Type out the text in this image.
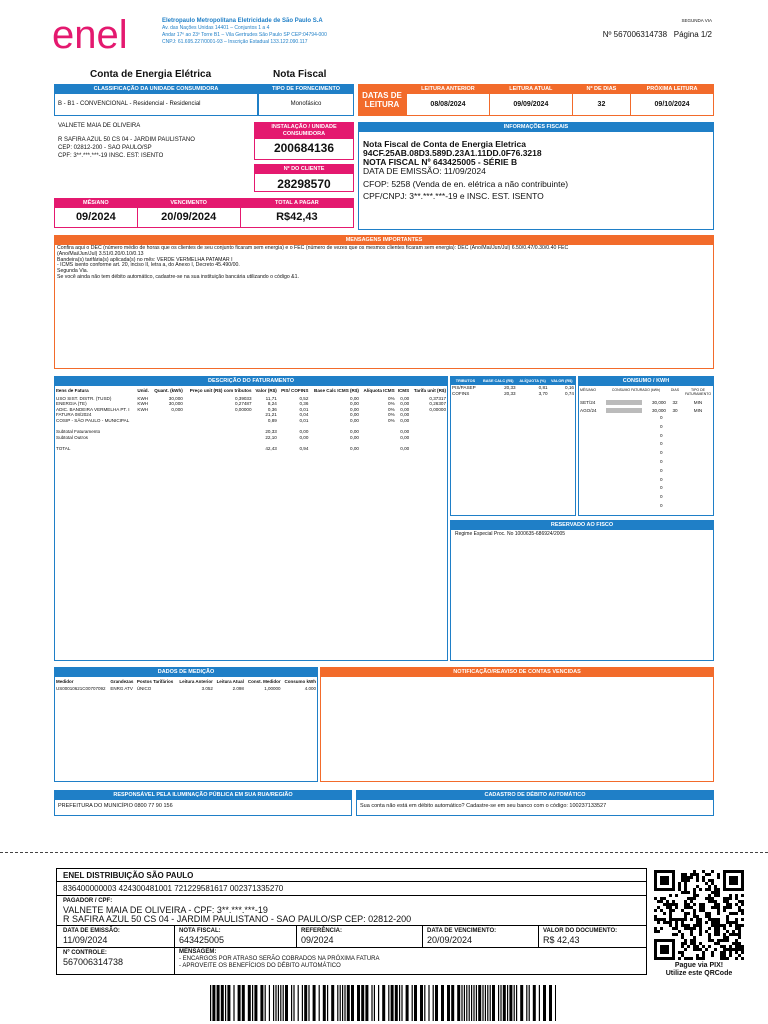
enel	Eletropaulo Metropolitana Eletricidade de São Paulo S.A
Av. das Nações Unidas 14401 – Conjuntos 1 a 4
Andar 17º ao 23º Torre B1 – Vila Gertrudes São Paulo SP CEP:04794-000
CNPJ: 61.695.227/0001-93 – Inscrição Estadual 133.122.090.117
SEGUNDA VIA
Nº 567006314738 Página 1/2
Conta de Energia Elétrica	Nota Fiscal
CLASSIFICAÇÃO DA UNIDADE CONSUMIDORA
B - B1 - CONVENCIONAL - Residencial - Residencial
TIPO DE FORNECIMENTO
Monofásico
DATAS DE LEITURA
LEITURA ANTERIOR
08/08/2024
LEITURA ATUAL
09/09/2024
Nº DE DIAS
32
PRÓXIMA LEITURA
09/10/2024
VALNETE MAIA DE OLIVEIRA
R SAFIRA AZUL 50 CS 04 - JARDIM PAULISTANO
CEP: 02812-200 - SAO PAULO/SP
CPF: 3**.***.***-19 INSC. EST: ISENTO
INSTALAÇÃO / UNIDADE CONSUMIDORA
200684136
Nº DO CLIENTE
28298570
INFORMAÇÕES FISCAIS
Nota Fiscal de Conta de Energia Eletrica
94CF.25AB.08D3.589D.23A1.11DD.0F76.3218
NOTA FISCAL Nº 643425005 - SÉRIE B
DATA DE EMISSÃO: 11/09/2024
CFOP: 5258 (Venda de en. elétrica a não contribuinte)
CPF/CNPJ: 3**.***.***-19 e INSC. EST. ISENTO
MÊS/ANO
09/2024
VENCIMENTO
20/09/2024
TOTAL A PAGAR
R$42,43
MENSAGENS IMPORTANTES
Confira aqui o DEC (número médio de horas que os clientes de seu conjunto ficaram sem energia) e o FEC (número de vezes que os mesmos clientes ficaram sem energia): DEC (Ano/Mai/Jun/Jul) 6.50/0.47/0.30/0.40 FEC
(Ano/Mai/Jun/Jul) 3.51/0.20/0.10/0.13
Bandeira(s) tarifária(s) aplicada(s) no mês: VERDE VERMELHA PATAMAR I
- ICMS isento conforme art. 20, inciso II, letra a, do Anexo I, Decreto 45.490/00.
Segunda Via.
Se você ainda não tem débito automático, cadastre-se na sua instituição bancária utilizando o código &1.
DESCRIÇÃO DO FATURAMENTO
Itens de Fatura	Unid.	Quant. (kWh)	Preço unit (R$) com tributos	Valor (R$)	PIS/ COFINS	Base Calc ICMS (R$)	Alíquota ICMS	ICMS	Tarifa unit (R$)
USO SIST. DISTR. (TUSD)	KWH	30,000	0,39033	11,71	0,52	0,00	0%	0,00	0,37317
ENERGIA (TE)	KWH	30,000	0,27487	8,24	0,36	0,00	0%	0,00	0,26307
ADIC. BANDEIRA VERMELHA PT. I	KWH	0,000	0,00000	0,36	0,01	0,00	0%	0,00	0,00000
FATURA 08/2024				21,21	0,04	0,00	0%	0,00	
COSIP - SÃO PAULO - MUNICIPAL				0,89	0,01	0,00	0%	0,00	

Subtotal Faturamento				20,33	0,00	0,00		0,00	
Subtotal Outros				22,10	0,00	0,00		0,00	

TOTAL				42,43	0,94	0,00		0,00	
TRIBUTOS	BASE CALC (R$)	ALÍQUOTA (%)	VALOR (R$)
PIS/PASEP	20,33	0,81	0,16
COFINS	20,33	3,70	0,74
CONSUMO / KWH
MÊS/ANO	CONSUMO FATURADO (kWh)	DIAS	TIPO DE FATURAMENTO
SET/24	30,000	32	MIN
AGO/24	30,000	30	MIN
0
0
0
0
0
0
0
0
0
0
0
RESERVADO AO FISCO
Regime Especial Proc. No 1000635-686924/2005
DADOS DE MEDIÇÃO
Medidor	Grandezas	Postos Tarifários	Leitura Anterior	Leitura Atual	Const. Medidor	Consumo kWh
US00010621C00707092	ENRG ATV	ÚNICO	3.052	2.098	1,00000	4.000
NOTIFICAÇÃO/REAVISO DE CONTAS VENCIDAS
RESPONSÁVEL PELA ILUMINAÇÃO PÚBLICA EM SUA RUA/REGIÃO
PREFEITURA DO MUNICÍPIO 0800 77 90 156
CADASTRO DE DÉBITO AUTOMÁTICO
Sua conta não está em débito automático? Cadastre-se em seu banco com o código: 100237133527
ENEL DISTRIBUIÇÃO SÃO PAULO
836400000003 424300481001 721229581617 002371335270
PAGADOR / CPF:
VALNETE MAIA DE OLIVEIRA - CPF: 3**.***.***-19
R SAFIRA AZUL 50 CS 04 - JARDIM PAULISTANO - SAO PAULO/SP CEP: 02812-200
DATA DE EMISSÃO:
11/09/2024
NOTA FISCAL:
643425005
REFERÊNCIA:
09/2024
DATA DE VENCIMENTO:
20/09/2024
VALOR DO DOCUMENTO:
R$ 42,43
Nº CONTROLE:
567006314738
MENSAGEM:
- ENCARGOS POR ATRASO SERÃO COBRADOS NA PRÓXIMA FATURA
- APROVEITE OS BENEFÍCIOS DO DÉBITO AUTOMÁTICO	Pague via PIX!
Utilize este QRCode
